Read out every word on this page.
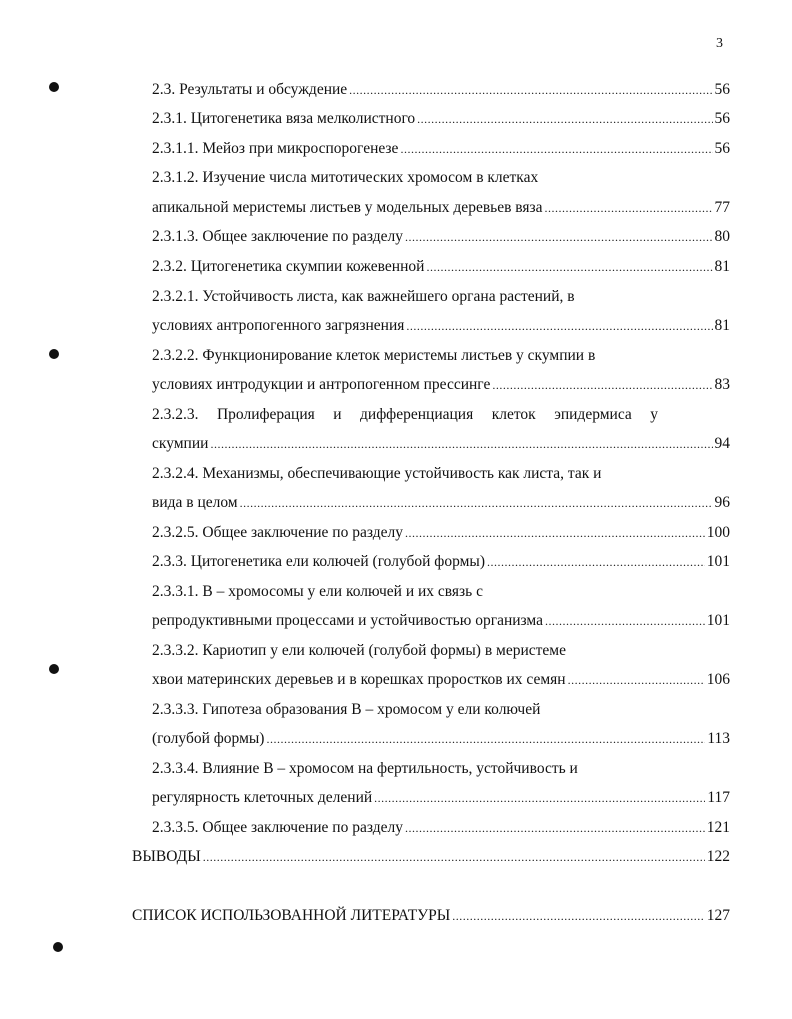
3
2.3. Результаты и обсуждение .....	56
2.3.1. Цитогенетика вяза мелколистного .....	56
2.3.1.1. Мейоз при микроспорогенезе .....	56
2.3.1.2. Изучение числа митотических хромосом в клетках
апикальной меристемы листьев у модельных деревьев вяза .....	77
2.3.1.3. Общее заключение по разделу .....	80
2.3.2. Цитогенетика скумпии кожевенной .....	81
2.3.2.1. Устойчивость листа, как важнейшего органа растений, в
условиях антропогенного загрязнения .....	81
2.3.2.2. Функционирование клеток меристемы листьев у скумпии в
условиях интродукции и антропогенном прессинге .....	83
2.3.2.3. Пролиферация и дифференциация клеток эпидермиса у
скумпии .....	94
2.3.2.4. Механизмы, обеспечивающие устойчивость как листа, так и
вида в целом .....	96
2.3.2.5. Общее заключение по разделу .....	100
2.3.3. Цитогенетика ели колючей (голубой формы) .....	101
2.3.3.1. В – хромосомы у ели колючей и их связь с
репродуктивными процессами и устойчивостью организма .....	101
2.3.3.2. Кариотип у ели колючей (голубой формы) в меристеме
хвои материнских деревьев и в корешках проростков их семян .....	106
2.3.3.3. Гипотеза образования В – хромосом у ели колючей
(голубой формы) .....	113
2.3.3.4. Влияние В – хромосом на фертильность, устойчивость и
регулярность клеточных делений .....	117
2.3.3.5. Общее заключение по разделу .....	121
ВЫВОДЫ .....	122
СПИСОК ИСПОЛЬЗОВАННОЙ ЛИТЕРАТУРЫ .....	127
